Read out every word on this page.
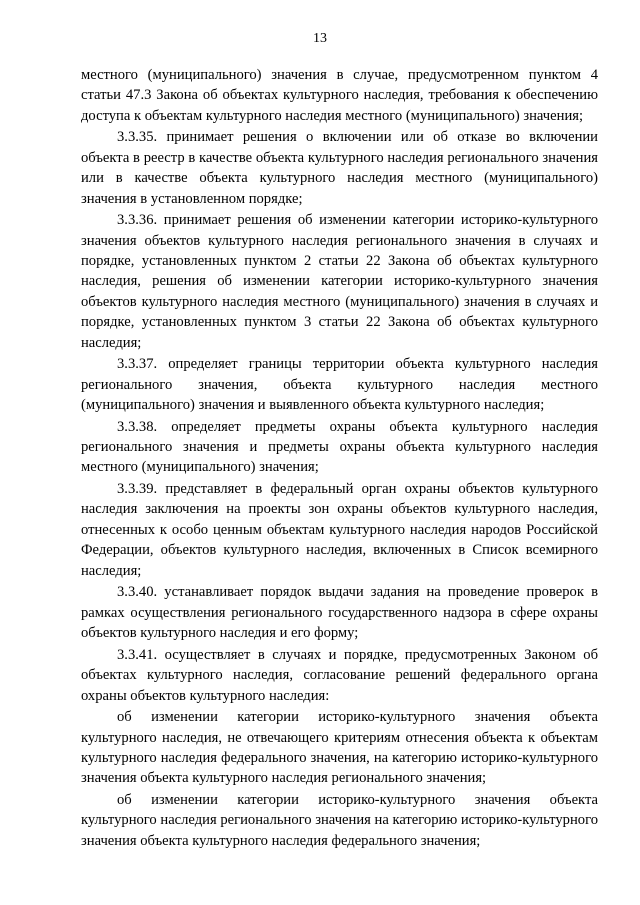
13

местного (муниципального) значения в случае, предусмотренном пунктом 4 статьи 47.3 Закона об объектах культурного наследия, требования к обеспечению доступа к объектам культурного наследия местного (муниципального) значения;

3.3.35. принимает решения о включении или об отказе во включении объекта в реестр в качестве объекта культурного наследия регионального значения или в качестве объекта культурного наследия местного (муниципального) значения в установленном порядке;

3.3.36. принимает решения об изменении категории историко-культурного значения объектов культурного наследия регионального значения в случаях и порядке, установленных пунктом 2 статьи 22 Закона об объектах культурного наследия, решения об изменении категории историко-культурного значения объектов культурного наследия местного (муниципального) значения в случаях и порядке, установленных пунктом 3 статьи 22 Закона об объектах культурного наследия;

3.3.37. определяет границы территории объекта культурного наследия регионального значения, объекта культурного наследия местного (муниципального) значения и выявленного объекта культурного наследия;

3.3.38. определяет предметы охраны объекта культурного наследия регионального значения и предметы охраны объекта культурного наследия местного (муниципального) значения;

3.3.39. представляет в федеральный орган охраны объектов культурного наследия заключения на проекты зон охраны объектов культурного наследия, отнесенных к особо ценным объектам культурного наследия народов Российской Федерации, объектов культурного наследия, включенных в Список всемирного наследия;

3.3.40. устанавливает порядок выдачи задания на проведение проверок в рамках осуществления регионального государственного надзора в сфере охраны объектов культурного наследия и его форму;

3.3.41. осуществляет в случаях и порядке, предусмотренных Законом об объектах культурного наследия, согласование решений федерального органа охраны объектов культурного наследия:

об изменении категории историко-культурного значения объекта культурного наследия, не отвечающего критериям отнесения объекта к объектам культурного наследия федерального значения, на категорию историко-культурного значения объекта культурного наследия регионального значения;

об изменении категории историко-культурного значения объекта культурного наследия регионального значения на категорию историко-культурного значения объекта культурного наследия федерального значения;
